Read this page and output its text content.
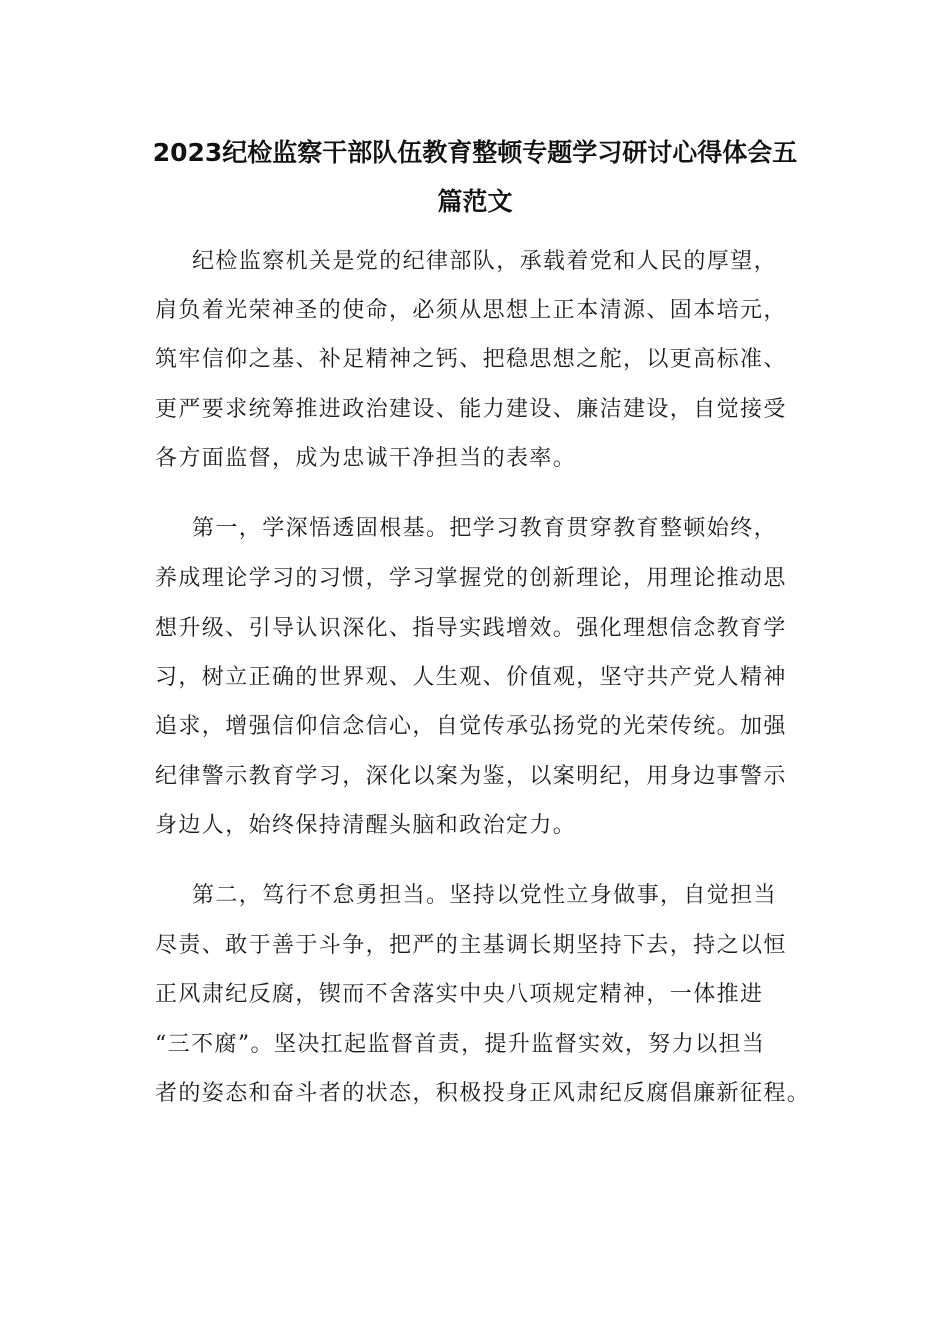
2023纪检监察干部队伍教育整顿专题学习研讨心得体会五
篇范文

纪检监察机关是党的纪律部队，承载着党和人民的厚望，

肩负着光荣神圣的使命，必须从思想上正本清源、固本培元，

筑牢信仰之基、补足精神之钙、把稳思想之舵，以更高标准、

更严要求统筹推进政治建设、能力建设、廉洁建设，自觉接受

各方面监督，成为忠诚干净担当的表率。

第一，学深悟透固根基。把学习教育贯穿教育整顿始终，

养成理论学习的习惯，学习掌握党的创新理论，用理论推动思

想升级、引导认识深化、指导实践增效。强化理想信念教育学

习，树立正确的世界观、人生观、价值观，坚守共产党人精神

追求，增强信仰信念信心，自觉传承弘扬党的光荣传统。加强

纪律警示教育学习，深化以案为鉴，以案明纪，用身边事警示

身边人，始终保持清醒头脑和政治定力。

第二，笃行不怠勇担当。坚持以党性立身做事，自觉担当

尽责、敢于善于斗争，把严的主基调长期坚持下去，持之以恒

正风肃纪反腐，锲而不舍落实中央八项规定精神，一体推进

“三不腐”。坚决扛起监督首责，提升监督实效，努力以担当

者的姿态和奋斗者的状态，积极投身正风肃纪反腐倡廉新征程。
